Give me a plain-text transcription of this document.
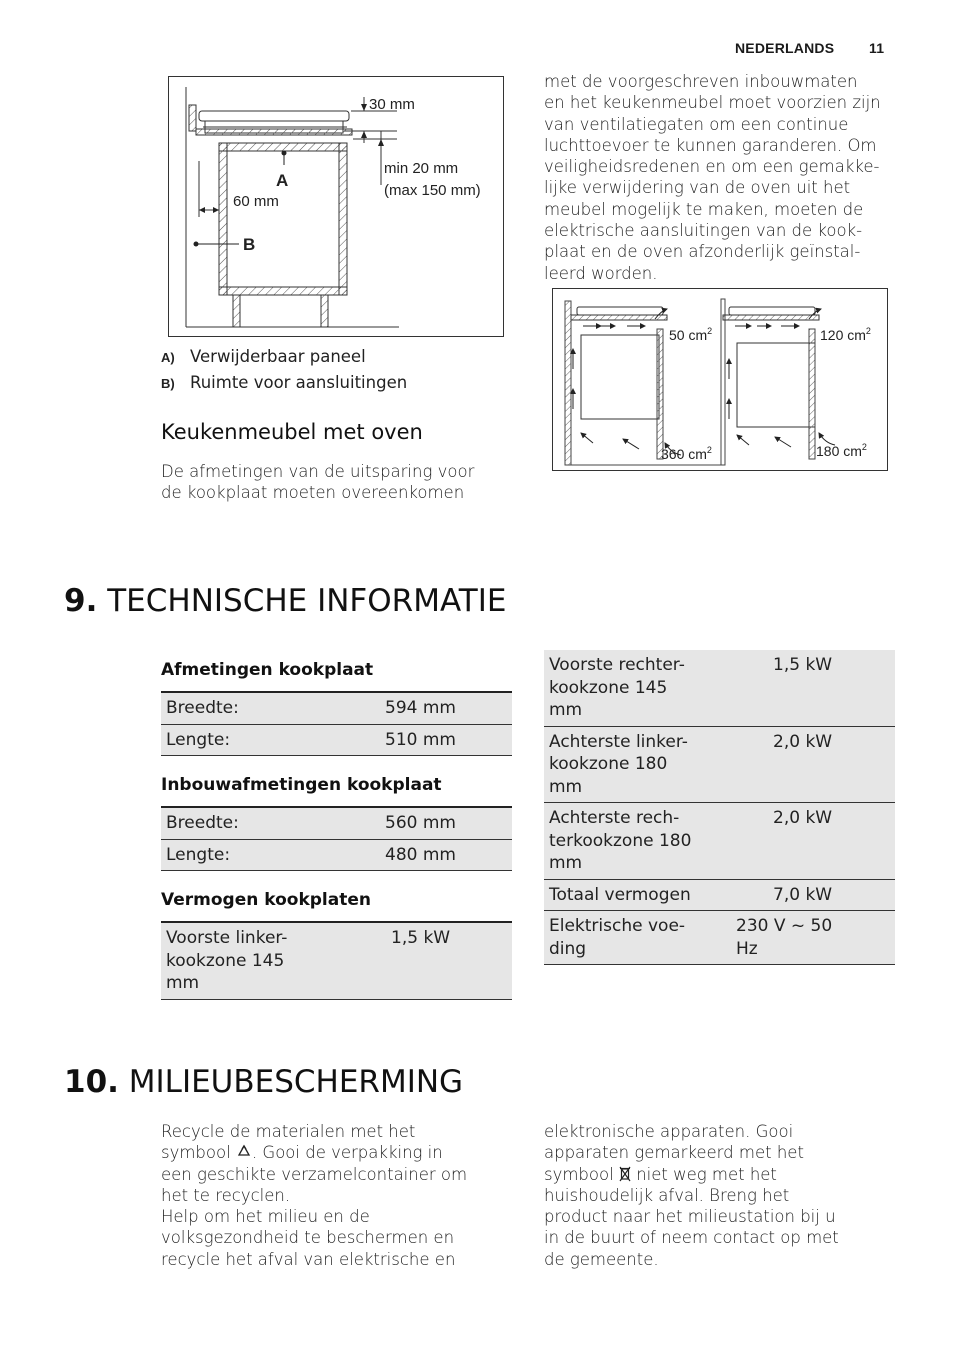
NEDERLANDS 11
30 mm
min 20 mm
(max 150 mm)
60 mm
A
B
A) Verwijderbaar paneel
B) Ruimte voor aansluitingen
Keukenmeubel met oven
De afmetingen van de uitsparing voor
de kookplaat moeten overeenkomen
met de voorgeschreven inbouwmaten
en het keukenmeubel moet voorzien zijn
van ventilatiegaten om een continue
luchttoevoer te kunnen garanderen. Om
veiligheidsredenen en om een gemakke-
lijke verwijdering van de oven uit het
meubel mogelijk te maken, moeten de
elektrische aansluitingen van de kook-
plaat en de oven afzonderlijk geïnstal-
leerd worden.
50 $cm^2$
360 $cm^2$
120 $cm^2$
180 $cm^2$
9. TECHNISCHE INFORMATIE
Afmetingen kookplaat
Breedte:	594 mm
Lengte:	510 mm
Inbouwafmetingen kookplaat
Breedte:	560 mm
Lengte:	480 mm
Vermogen kookplaten
Voorste linker-
kookzone 145
mm
	1,5 kW
Voorste rechter-
kookzone 145
mm	1,5 kW

Achterste linker-
kookzone 180
mm	2,0 kW

Achterste rech-
terkookzone 180
mm	2,0 kW

Totaal vermogen	7,0 kW

Elektrische voe-
ding	230 V ~ 50 Hz
10. MILIEUBESCHERMING
Recycle de materialen met het
symbool . Gooi de verpakking in
een geschikte verzamelcontainer om
het te recyclen.
Help om het milieu en de
volksgezondheid te beschermen en
recycle het afval van elektrische en
elektronische apparaten. Gooi
apparaten gemarkeerd met het
symbool niet weg met het
huishoudelijk afval. Breng het
product naar het milieustation bij u
in de buurt of neem contact op met
de gemeente.
